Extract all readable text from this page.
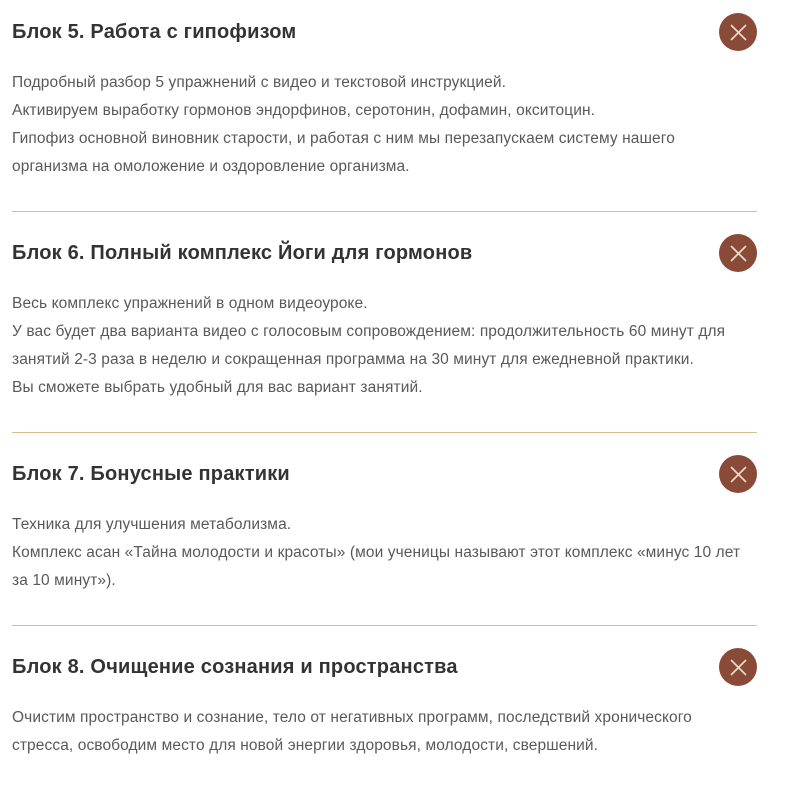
Блок 5. Работа с гипофизом

Подробный разбор 5 упражнений с видео и текстовой инструкцией.

Активируем выработку гормонов эндорфинов, серотонин, дофамин, окситоцин.

Гипофиз основной виновник старости, и работая с ним мы перезапускаем систему нашего организма на омоложение и оздоровление организма.

Блок 6. Полный комплекс Йоги для гормонов

Весь комплекс упражнений в одном видеоуроке.

У вас будет два варианта видео с голосовым сопровождением: продолжительность 60 минут для занятий 2-3 раза в неделю и сокращенная программа на 30 минут для ежедневной практики.

Вы сможете выбрать удобный для вас вариант занятий.

Блок 7. Бонусные практики

Техника для улучшения метаболизма.

Комплекс асан «Тайна молодости и красоты» (мои ученицы называют этот комплекс «минус 10 лет за 10 минут»).

Блок 8. Очищение сознания и пространства

Очистим пространство и сознание, тело от негативных программ, последствий хронического стресса, освободим место для новой энергии здоровья, молодости, свершений.
